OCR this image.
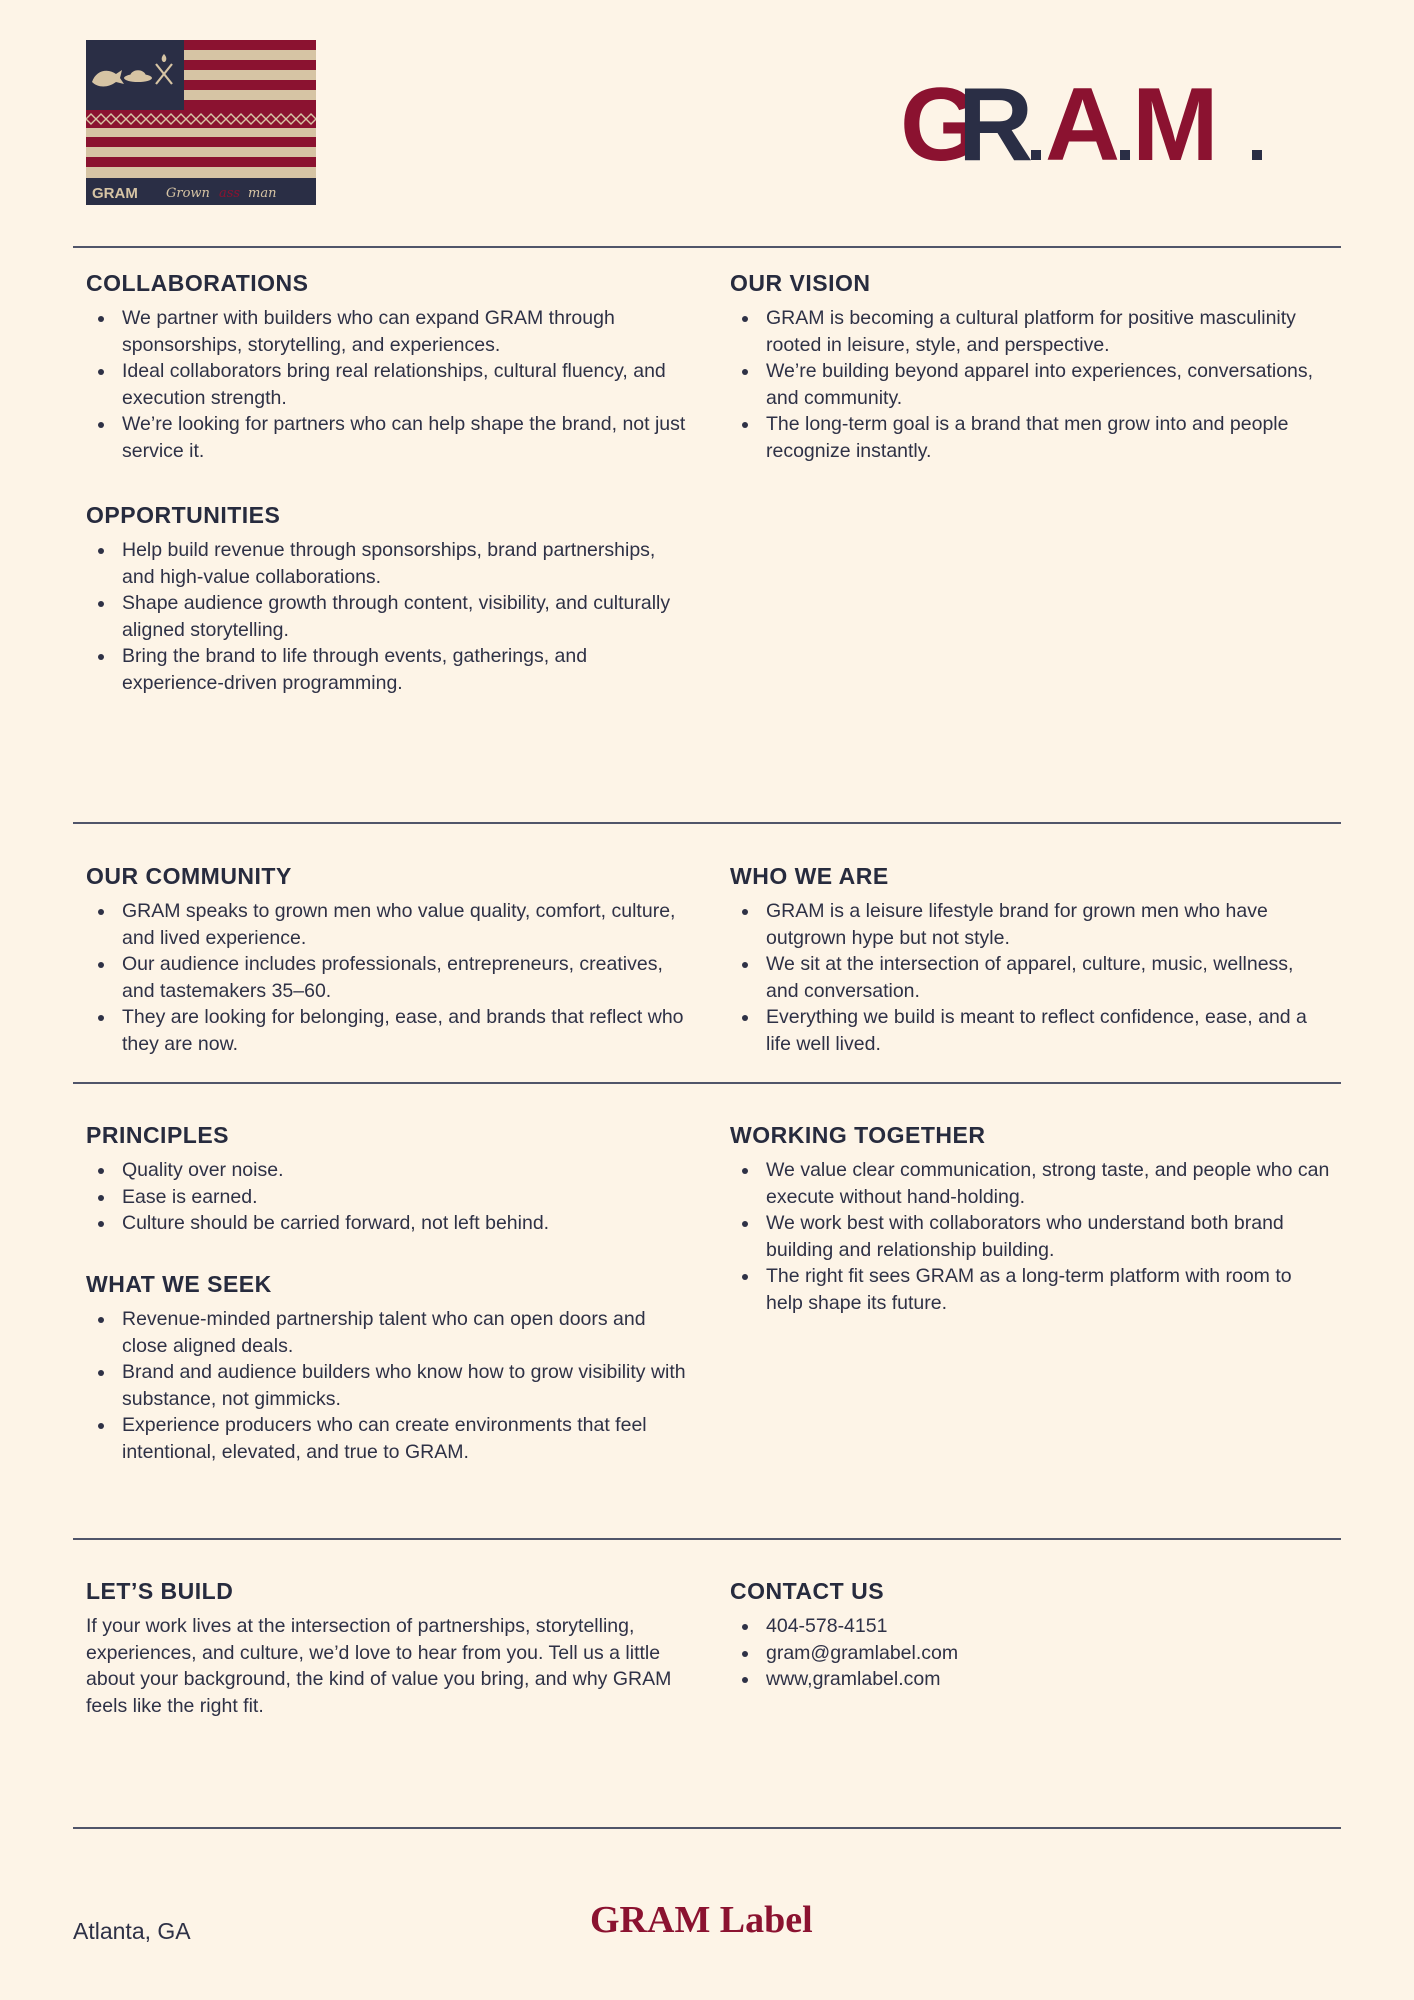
GRAM Grown ass man
G
R A M
COLLABORATIONS
We partner with builders who can expand GRAM through sponsorships, storytelling, and experiences.
Ideal collaborators bring real relationships, cultural fluency, and execution strength.
We’re looking for partners who can help shape the brand, not just service it.
OUR VISION
GRAM is becoming a cultural platform for positive masculinity rooted in leisure, style, and perspective.
We’re building beyond apparel into experiences, conversations, and community.
The long-term goal is a brand that men grow into and people recognize instantly.
OPPORTUNITIES
Help build revenue through sponsorships, brand partnerships, and high-value collaborations.
Shape audience growth through content, visibility, and culturally aligned storytelling.
Bring the brand to life through events, gatherings, and experience-driven programming.
OUR COMMUNITY
GRAM speaks to grown men who value quality, comfort, culture, and lived experience.
Our audience includes professionals, entrepreneurs, creatives, and tastemakers 35–60.
They are looking for belonging, ease, and brands that reflect who they are now.
WHO WE ARE
GRAM is a leisure lifestyle brand for grown men who have outgrown hype but not style.
We sit at the intersection of apparel, culture, music, wellness, and conversation.
Everything we build is meant to reflect confidence, ease, and a life well lived.
PRINCIPLES
Quality over noise.
Ease is earned.
Culture should be carried forward, not left behind.
WORKING TOGETHER
We value clear communication, strong taste, and people who can execute without hand-holding.
We work best with collaborators who understand both brand building and relationship building.
The right fit sees GRAM as a long-term platform with room to help shape its future.
WHAT WE SEEK
Revenue-minded partnership talent who can open doors and close aligned deals.
Brand and audience builders who know how to grow visibility with substance, not gimmicks.
Experience producers who can create environments that feel intentional, elevated, and true to GRAM.
LET’S BUILD

If your work lives at the intersection of partnerships, storytelling, experiences, and culture, we’d love to hear from you. Tell us a little about your background, the kind of value you bring, and why GRAM feels like the right fit.

CONTACT US
404-578-4151
gram@gramlabel.com
www,gramlabel.com
Atlanta, GA	GRAM Label
